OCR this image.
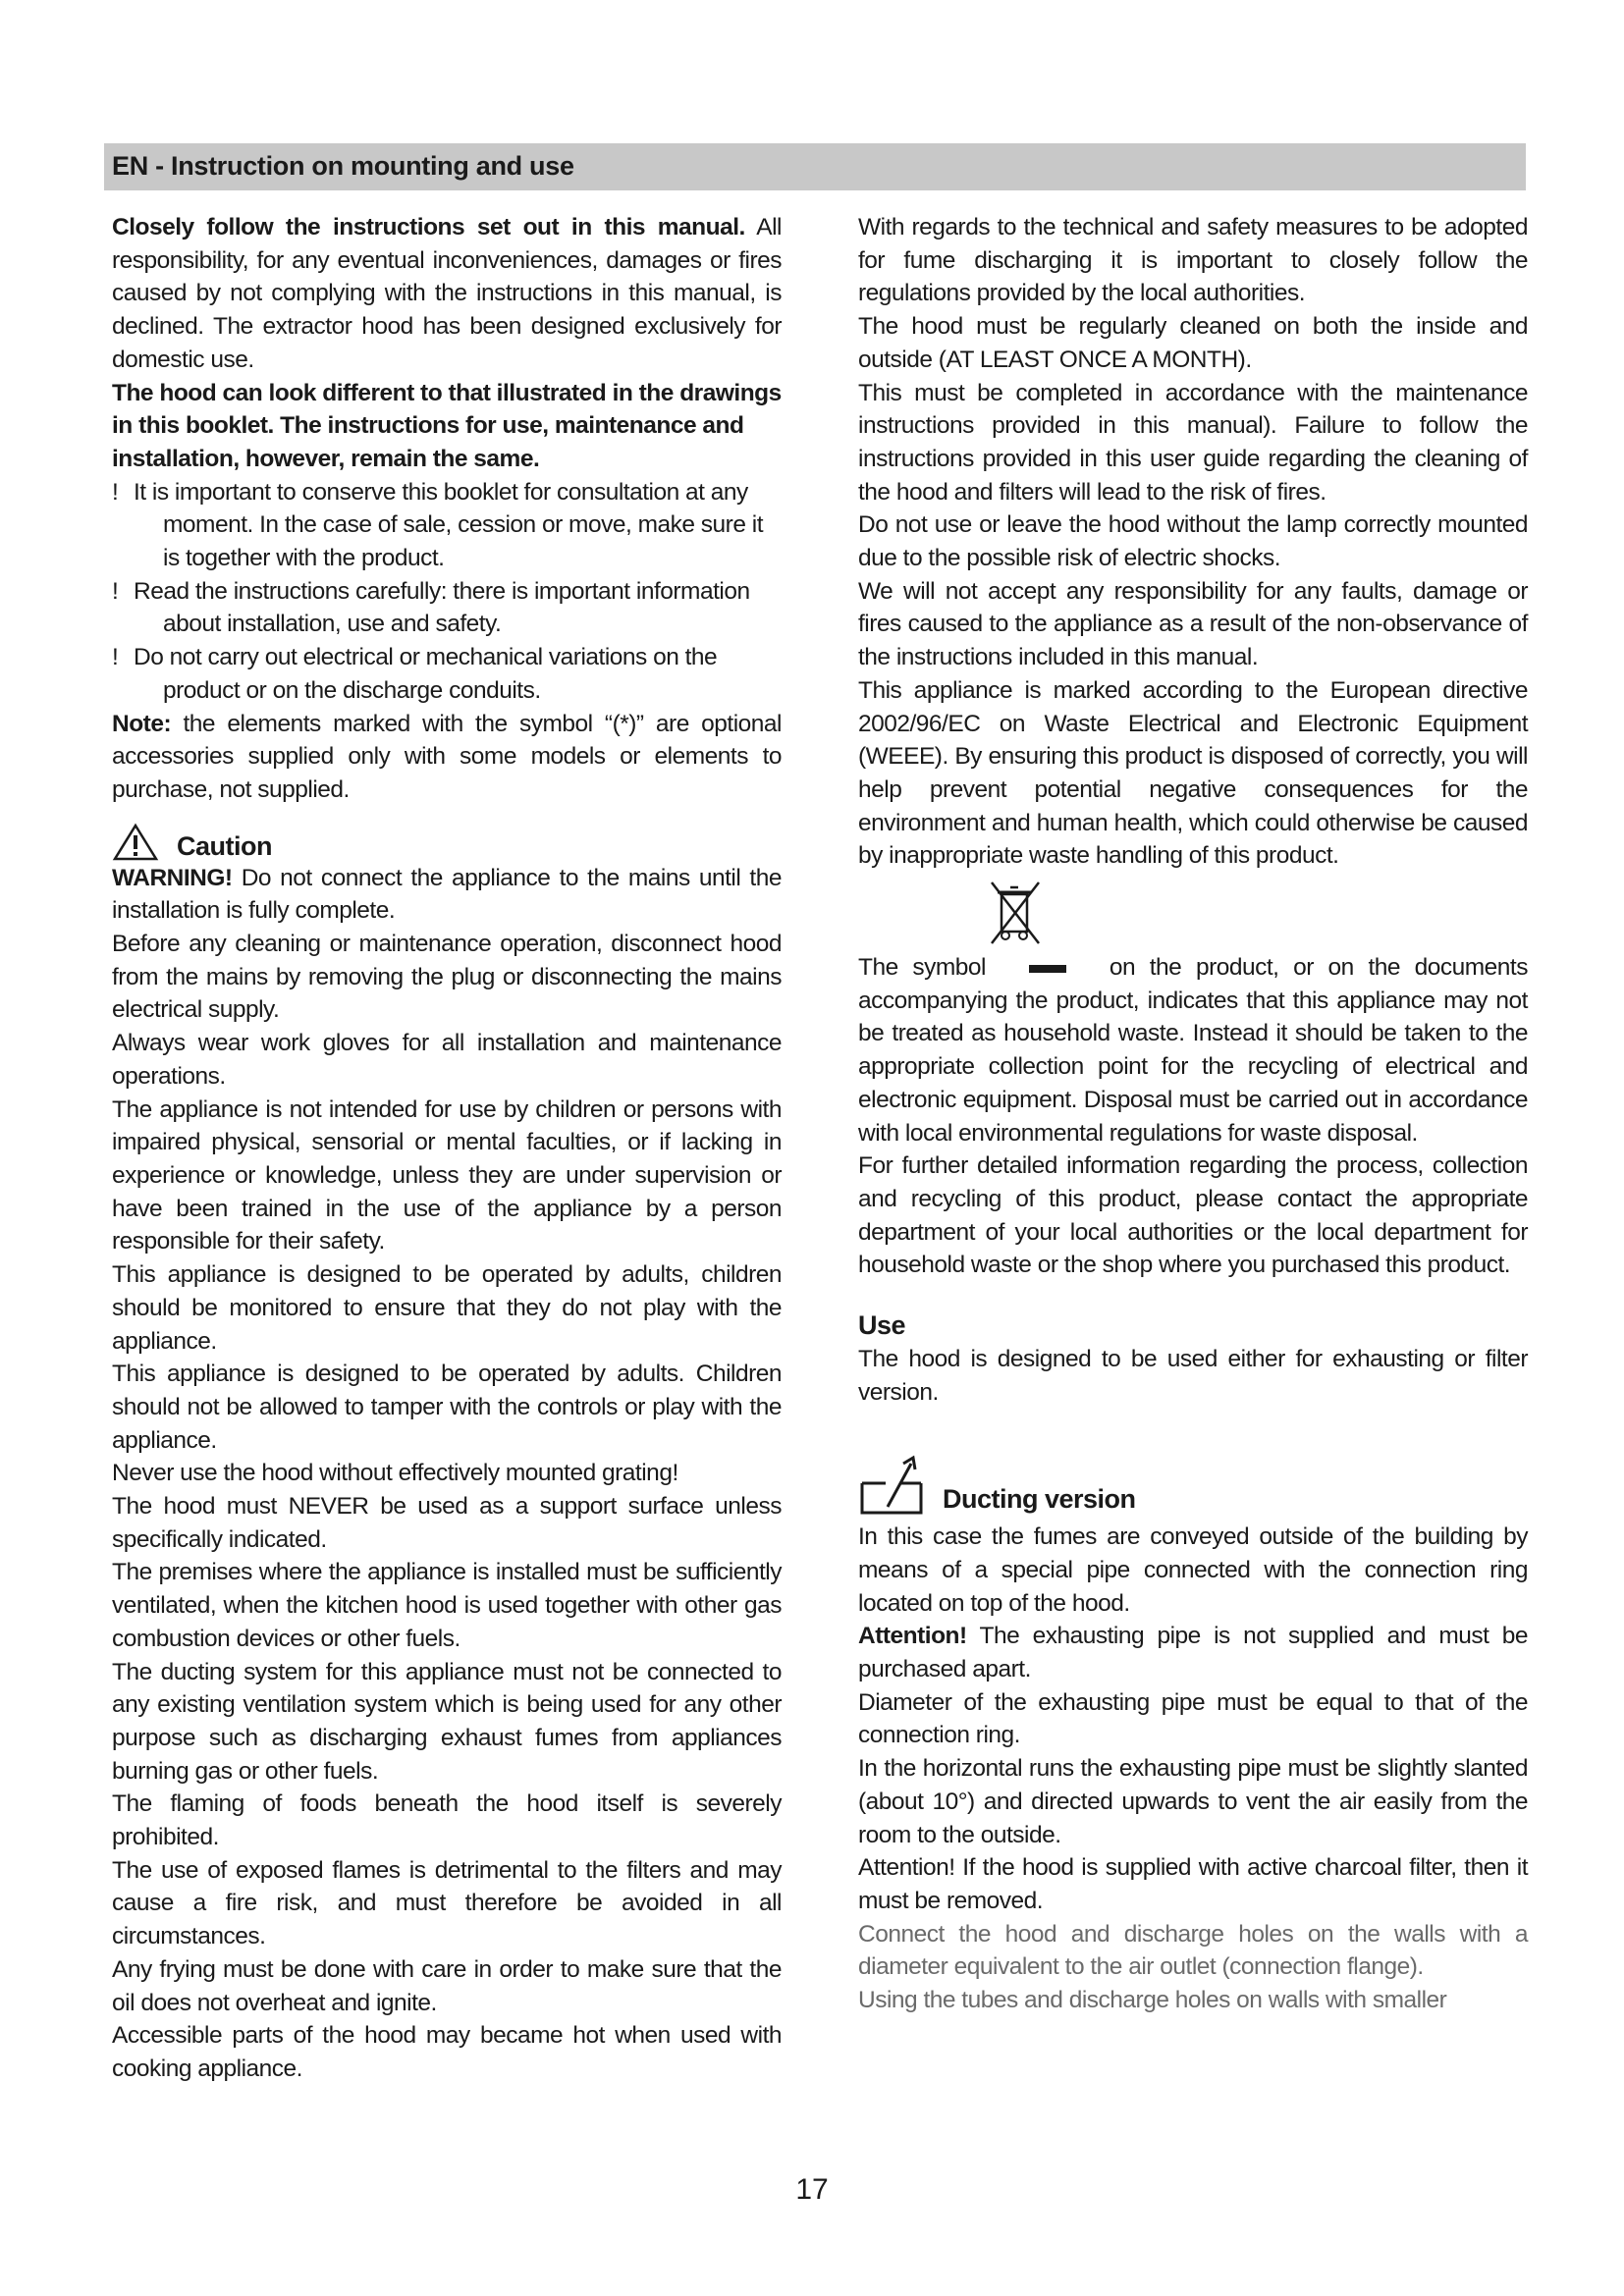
EN - Instruction on mounting and use

Closely follow the instructions set out in this manual. All responsibility, for any eventual inconveniences, damages or fires caused by not complying with the instructions in this manual, is declined. The extractor hood has been designed exclusively for domestic use.

The hood can look different to that illustrated in the drawings in this booklet. The instructions for use, maintenance and installation, however, remain the same.

! It is important to conserve this booklet for consultation at any moment. In the case of sale, cession or move, make sure it is together with the product.

! Read the instructions carefully: there is important information about installation, use and safety.

! Do not carry out electrical or mechanical variations on the product or on the discharge conduits.

Note: the elements marked with the symbol “(*)” are optional accessories supplied only with some models or elements to purchase, not supplied.

Caution

WARNING! Do not connect the appliance to the mains until the installation is fully complete.

Before any cleaning or maintenance operation, disconnect hood from the mains by removing the plug or disconnecting the mains electrical supply.

Always wear work gloves for all installation and maintenance operations.

The appliance is not intended for use by children or persons with impaired physical, sensorial or mental faculties, or if lacking in experience or knowledge, unless they are under supervision or have been trained in the use of the appliance by a person responsible for their safety.

This appliance is designed to be operated by adults, children should be monitored to ensure that they do not play with the appliance.

This appliance is designed to be operated by adults. Children should not be allowed to tamper with the controls or play with the appliance.

Never use the hood without effectively mounted grating!

The hood must NEVER be used as a support surface unless specifically indicated.

The premises where the appliance is installed must be sufficiently ventilated, when the kitchen hood is used together with other gas combustion devices or other fuels.

The ducting system for this appliance must not be connected to any existing ventilation system which is being used for any other purpose such as discharging exhaust fumes from appliances burning gas or other fuels.

The flaming of foods beneath the hood itself is severely prohibited.

The use of exposed flames is detrimental to the filters and may cause a fire risk, and must therefore be avoided in all circumstances.

Any frying must be done with care in order to make sure that the oil does not overheat and ignite.

Accessible parts of the hood may became hot when used with cooking appliance.

With regards to the technical and safety measures to be adopted for fume discharging it is important to closely follow the regulations provided by the local authorities.

The hood must be regularly cleaned on both the inside and outside (AT LEAST ONCE A MONTH).

This must be completed in accordance with the maintenance instructions provided in this manual). Failure to follow the instructions provided in this user guide regarding the cleaning of the hood and filters will lead to the risk of fires.

Do not use or leave the hood without the lamp correctly mounted due to the possible risk of electric shocks.

We will not accept any responsibility for any faults, damage or fires caused to the appliance as a result of the non-observance of the instructions included in this manual.

This appliance is marked according to the European directive 2002/96/EC on Waste Electrical and Electronic Equipment (WEEE). By ensuring this product is disposed of correctly, you will help prevent potential negative consequences for the environment and human health, which could otherwise be caused by inappropriate waste handling of this product.

The symbol	on the product, or on the documents accompanying the product, indicates that this appliance may not be treated as household waste. Instead it should be taken to the appropriate collection point for the recycling of electrical and electronic equipment. Disposal must be carried out in accordance with local environmental regulations for waste disposal.

For further detailed information regarding the process, collection and recycling of this product, please contact the appropriate department of your local authorities or the local department for household waste or the shop where you purchased this product.

Use

The hood is designed to be used either for exhausting or filter version.

Ducting version

In this case the fumes are conveyed outside of the building by means of a special pipe connected with the connection ring located on top of the hood.

Attention! The exhausting pipe is not supplied and must be purchased apart.

Diameter of the exhausting pipe must be equal to that of the connection ring.

In the horizontal runs the exhausting pipe must be slightly slanted (about 10°) and directed upwards to vent the air easily from the room to the outside.

Attention! If the hood is supplied with active charcoal filter, then it must be removed.

Connect the hood and discharge holes on the walls with a diameter equivalent to the air outlet (connection flange).

Using the tubes and discharge holes on walls with smaller

17
